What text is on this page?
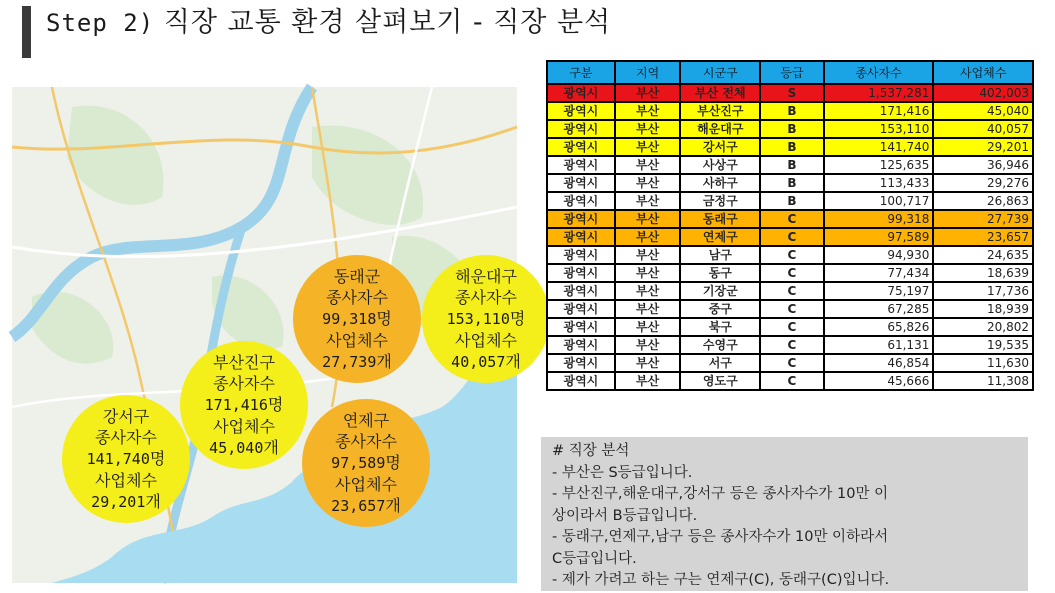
Step 2) 직장 교통 환경 살펴보기 - 직장 분석
해운대구
종사자수
153,110명
사업체수
40,057개
동래군
종사자수
99,318명
사업체수
27,739개
부산진구
종사자수
171,416명
사업체수
45,040개
연제구
종사자수
97,589명
사업체수
23,657개
강서구
종사자수
141,740명
사업체수
29,201개
구분	지역	시군구	등급	종사자수	사업체수
광역시	부산	부산 전체	S	1,537,281	402,003
광역시	부산	부산진구	B	171,416	45,040
광역시	부산	해운대구	B	153,110	40,057
광역시	부산	강서구	B	141,740	29,201
광역시	부산	사상구	B	125,635	36,946
광역시	부산	사하구	B	113,433	29,276
광역시	부산	금정구	B	100,717	26,863
광역시	부산	동래구	C	99,318	27,739
광역시	부산	연제구	C	97,589	23,657
광역시	부산	남구	C	94,930	24,635
광역시	부산	동구	C	77,434	18,639
광역시	부산	기장군	C	75,197	17,736
광역시	부산	중구	C	67,285	18,939
광역시	부산	북구	C	65,826	20,802
광역시	부산	수영구	C	61,131	19,535
광역시	부산	서구	C	46,854	11,630
광역시	부산	영도구	C	45,666	11,308
# 직장 분석
- 부산은 S등급입니다.
- 부산진구,해운대구,강서구 등은 종사자수가 10만 이
상이라서 B등급입니다.
- 동래구,연제구,남구 등은 종사자수가 10만 이하라서
C등급입니다.
- 제가 가려고 하는 구는 연제구(C), 동래구(C)입니다.
